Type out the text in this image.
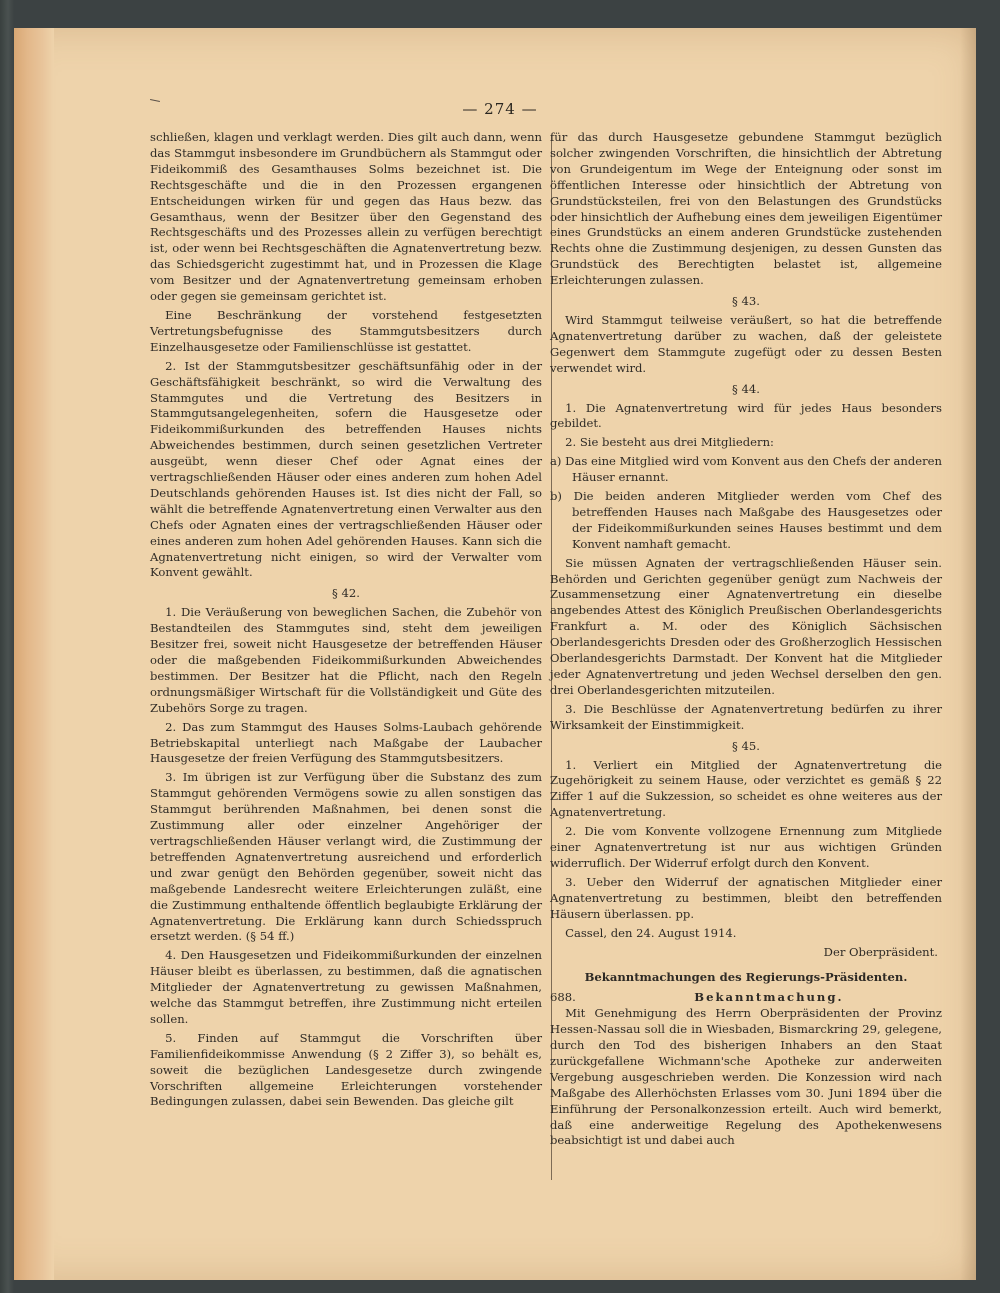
— 274 —

schließen, klagen und verklagt werden. Dies gilt auch dann, wenn das Stammgut insbesondere im Grundbüchern als Stammgut oder Fideikommiß des Gesamthauses Solms bezeichnet ist. Die Rechtsgeschäfte und die in den Prozessen ergangenen Entscheidungen wirken für und gegen das Haus bezw. das Gesamthaus, wenn der Besitzer über den Gegenstand des Rechtsgeschäfts und des Prozesses allein zu verfügen berechtigt ist, oder wenn bei Rechtsgeschäften die Agnatenvertretung bezw. das Schiedsgericht zugestimmt hat, und in Prozessen die Klage vom Besitzer und der Agnatenvertretung gemeinsam erhoben oder gegen sie gemeinsam gerichtet ist.

Eine Beschränkung der vorstehend festgesetzten Vertretungsbefugnisse des Stammgutsbesitzers durch Einzelhausgesetze oder Familienschlüsse ist gestattet.

2. Ist der Stammgutsbesitzer geschäftsunfähig oder in der Geschäftsfähigkeit beschränkt, so wird die Verwaltung des Stammgutes und die Vertretung des Besitzers in Stammgutsangelegenheiten, sofern die Hausgesetze oder Fideikommißurkunden des betreffenden Hauses nichts Abweichendes bestimmen, durch seinen gesetzlichen Vertreter ausgeübt, wenn dieser Chef oder Agnat eines der vertragschließenden Häuser oder eines anderen zum hohen Adel Deutschlands gehörenden Hauses ist. Ist dies nicht der Fall, so wählt die betreffende Agnatenvertretung einen Verwalter aus den Chefs oder Agnaten eines der vertragschließenden Häuser oder eines anderen zum hohen Adel gehörenden Hauses. Kann sich die Agnatenvertretung nicht einigen, so wird der Verwalter vom Konvent gewählt.

§ 42.

1. Die Veräußerung von beweglichen Sachen, die Zubehör von Bestandteilen des Stammgutes sind, steht dem jeweiligen Besitzer frei, soweit nicht Hausgesetze der betreffenden Häuser oder die maßgebenden Fideikommißurkunden Abweichendes bestimmen. Der Besitzer hat die Pflicht, nach den Regeln ordnungsmäßiger Wirtschaft für die Vollständigkeit und Güte des Zubehörs Sorge zu tragen.

2. Das zum Stammgut des Hauses Solms-Laubach gehörende Betriebskapital unterliegt nach Maßgabe der Laubacher Hausgesetze der freien Verfügung des Stammgutsbesitzers.

3. Im übrigen ist zur Verfügung über die Substanz des zum Stammgut gehörenden Vermögens sowie zu allen sonstigen das Stammgut berührenden Maßnahmen, bei denen sonst die Zustimmung aller oder einzelner Angehöriger der vertragschließenden Häuser verlangt wird, die Zustimmung der betreffenden Agnatenvertretung ausreichend und erforderlich und zwar genügt den Behörden gegenüber, soweit nicht das maßgebende Landesrecht weitere Erleichterungen zuläßt, eine die Zustimmung enthaltende öffentlich beglaubigte Erklärung der Agnatenvertretung. Die Erklärung kann durch Schiedsspruch ersetzt werden. (§ 54 ff.)

4. Den Hausgesetzen und Fideikommißurkunden der einzelnen Häuser bleibt es überlassen, zu bestimmen, daß die agnatischen Mitglieder der Agnatenvertretung zu gewissen Maßnahmen, welche das Stammgut betreffen, ihre Zustimmung nicht erteilen sollen.

5. Finden auf Stammgut die Vorschriften über Familienfideikommisse Anwendung (§ 2 Ziffer 3), so behält es, soweit die bezüglichen Landesgesetze durch zwingende Vorschriften allgemeine Erleichterungen vorstehender Bedingungen zulassen, dabei sein Bewenden. Das gleiche gilt

für das durch Hausgesetze gebundene Stammgut bezüglich solcher zwingenden Vorschriften, die hinsichtlich der Abtretung von Grundeigentum im Wege der Enteignung oder sonst im öffentlichen Interesse oder hinsichtlich der Abtretung von Grundstücksteilen, frei von den Belastungen des Grundstücks oder hinsichtlich der Aufhebung eines dem jeweiligen Eigentümer eines Grundstücks an einem anderen Grundstücke zustehenden Rechts ohne die Zustimmung desjenigen, zu dessen Gunsten das Grundstück des Berechtigten belastet ist, allgemeine Erleichterungen zulassen.

§ 43.

Wird Stammgut teilweise veräußert, so hat die betreffende Agnatenvertretung darüber zu wachen, daß der geleistete Gegenwert dem Stammgute zugefügt oder zu dessen Besten verwendet wird.

§ 44.

1. Die Agnatenvertretung wird für jedes Haus besonders gebildet.

2. Sie besteht aus drei Mitgliedern:

a) Das eine Mitglied wird vom Konvent aus den Chefs der anderen Häuser ernannt.

b) Die beiden anderen Mitglieder werden vom Chef des betreffenden Hauses nach Maßgabe des Hausgesetzes oder der Fideikommißurkunden seines Hauses bestimmt und dem Konvent namhaft gemacht.

Sie müssen Agnaten der vertragschließenden Häuser sein. Behörden und Gerichten gegenüber genügt zum Nachweis der Zusammensetzung einer Agnatenvertretung ein dieselbe angebendes Attest des Königlich Preußischen Oberlandesgerichts Frankfurt a. M. oder des Königlich Sächsischen Oberlandesgerichts Dresden oder des Großherzoglich Hessischen Oberlandesgerichts Darmstadt. Der Konvent hat die Mitglieder jeder Agnatenvertretung und jeden Wechsel derselben den gen. drei Oberlandesgerichten mitzuteilen.

3. Die Beschlüsse der Agnatenvertretung bedürfen zu ihrer Wirksamkeit der Einstimmigkeit.

§ 45.

1. Verliert ein Mitglied der Agnatenvertretung die Zugehörigkeit zu seinem Hause, oder verzichtet es gemäß § 22 Ziffer 1 auf die Sukzession, so scheidet es ohne weiteres aus der Agnatenvertretung.

2. Die vom Konvente vollzogene Ernennung zum Mitgliede einer Agnatenvertretung ist nur aus wichtigen Gründen widerruflich. Der Widerruf erfolgt durch den Konvent.

3. Ueber den Widerruf der agnatischen Mitglieder einer Agnatenvertretung zu bestimmen, bleibt den betreffenden Häusern überlassen. pp.

Cassel, den 24. August 1914.

Der Oberpräsident.

Bekanntmachungen des Regierungs-Präsidenten.
688.	Bekanntmachung.

Mit Genehmigung des Herrn Oberpräsidenten der Provinz Hessen-Nassau soll die in Wiesbaden, Bismarckring 29, gelegene, durch den Tod des bisherigen Inhabers an den Staat zurückgefallene Wichmann'sche Apotheke zur anderweiten Vergebung ausgeschrieben werden. Die Konzession wird nach Maßgabe des Allerhöchsten Erlasses vom 30. Juni 1894 über die Einführung der Personalkonzession erteilt. Auch wird bemerkt, daß eine anderweitige Regelung des Apothekenwesens beabsichtigt ist und dabei auch
